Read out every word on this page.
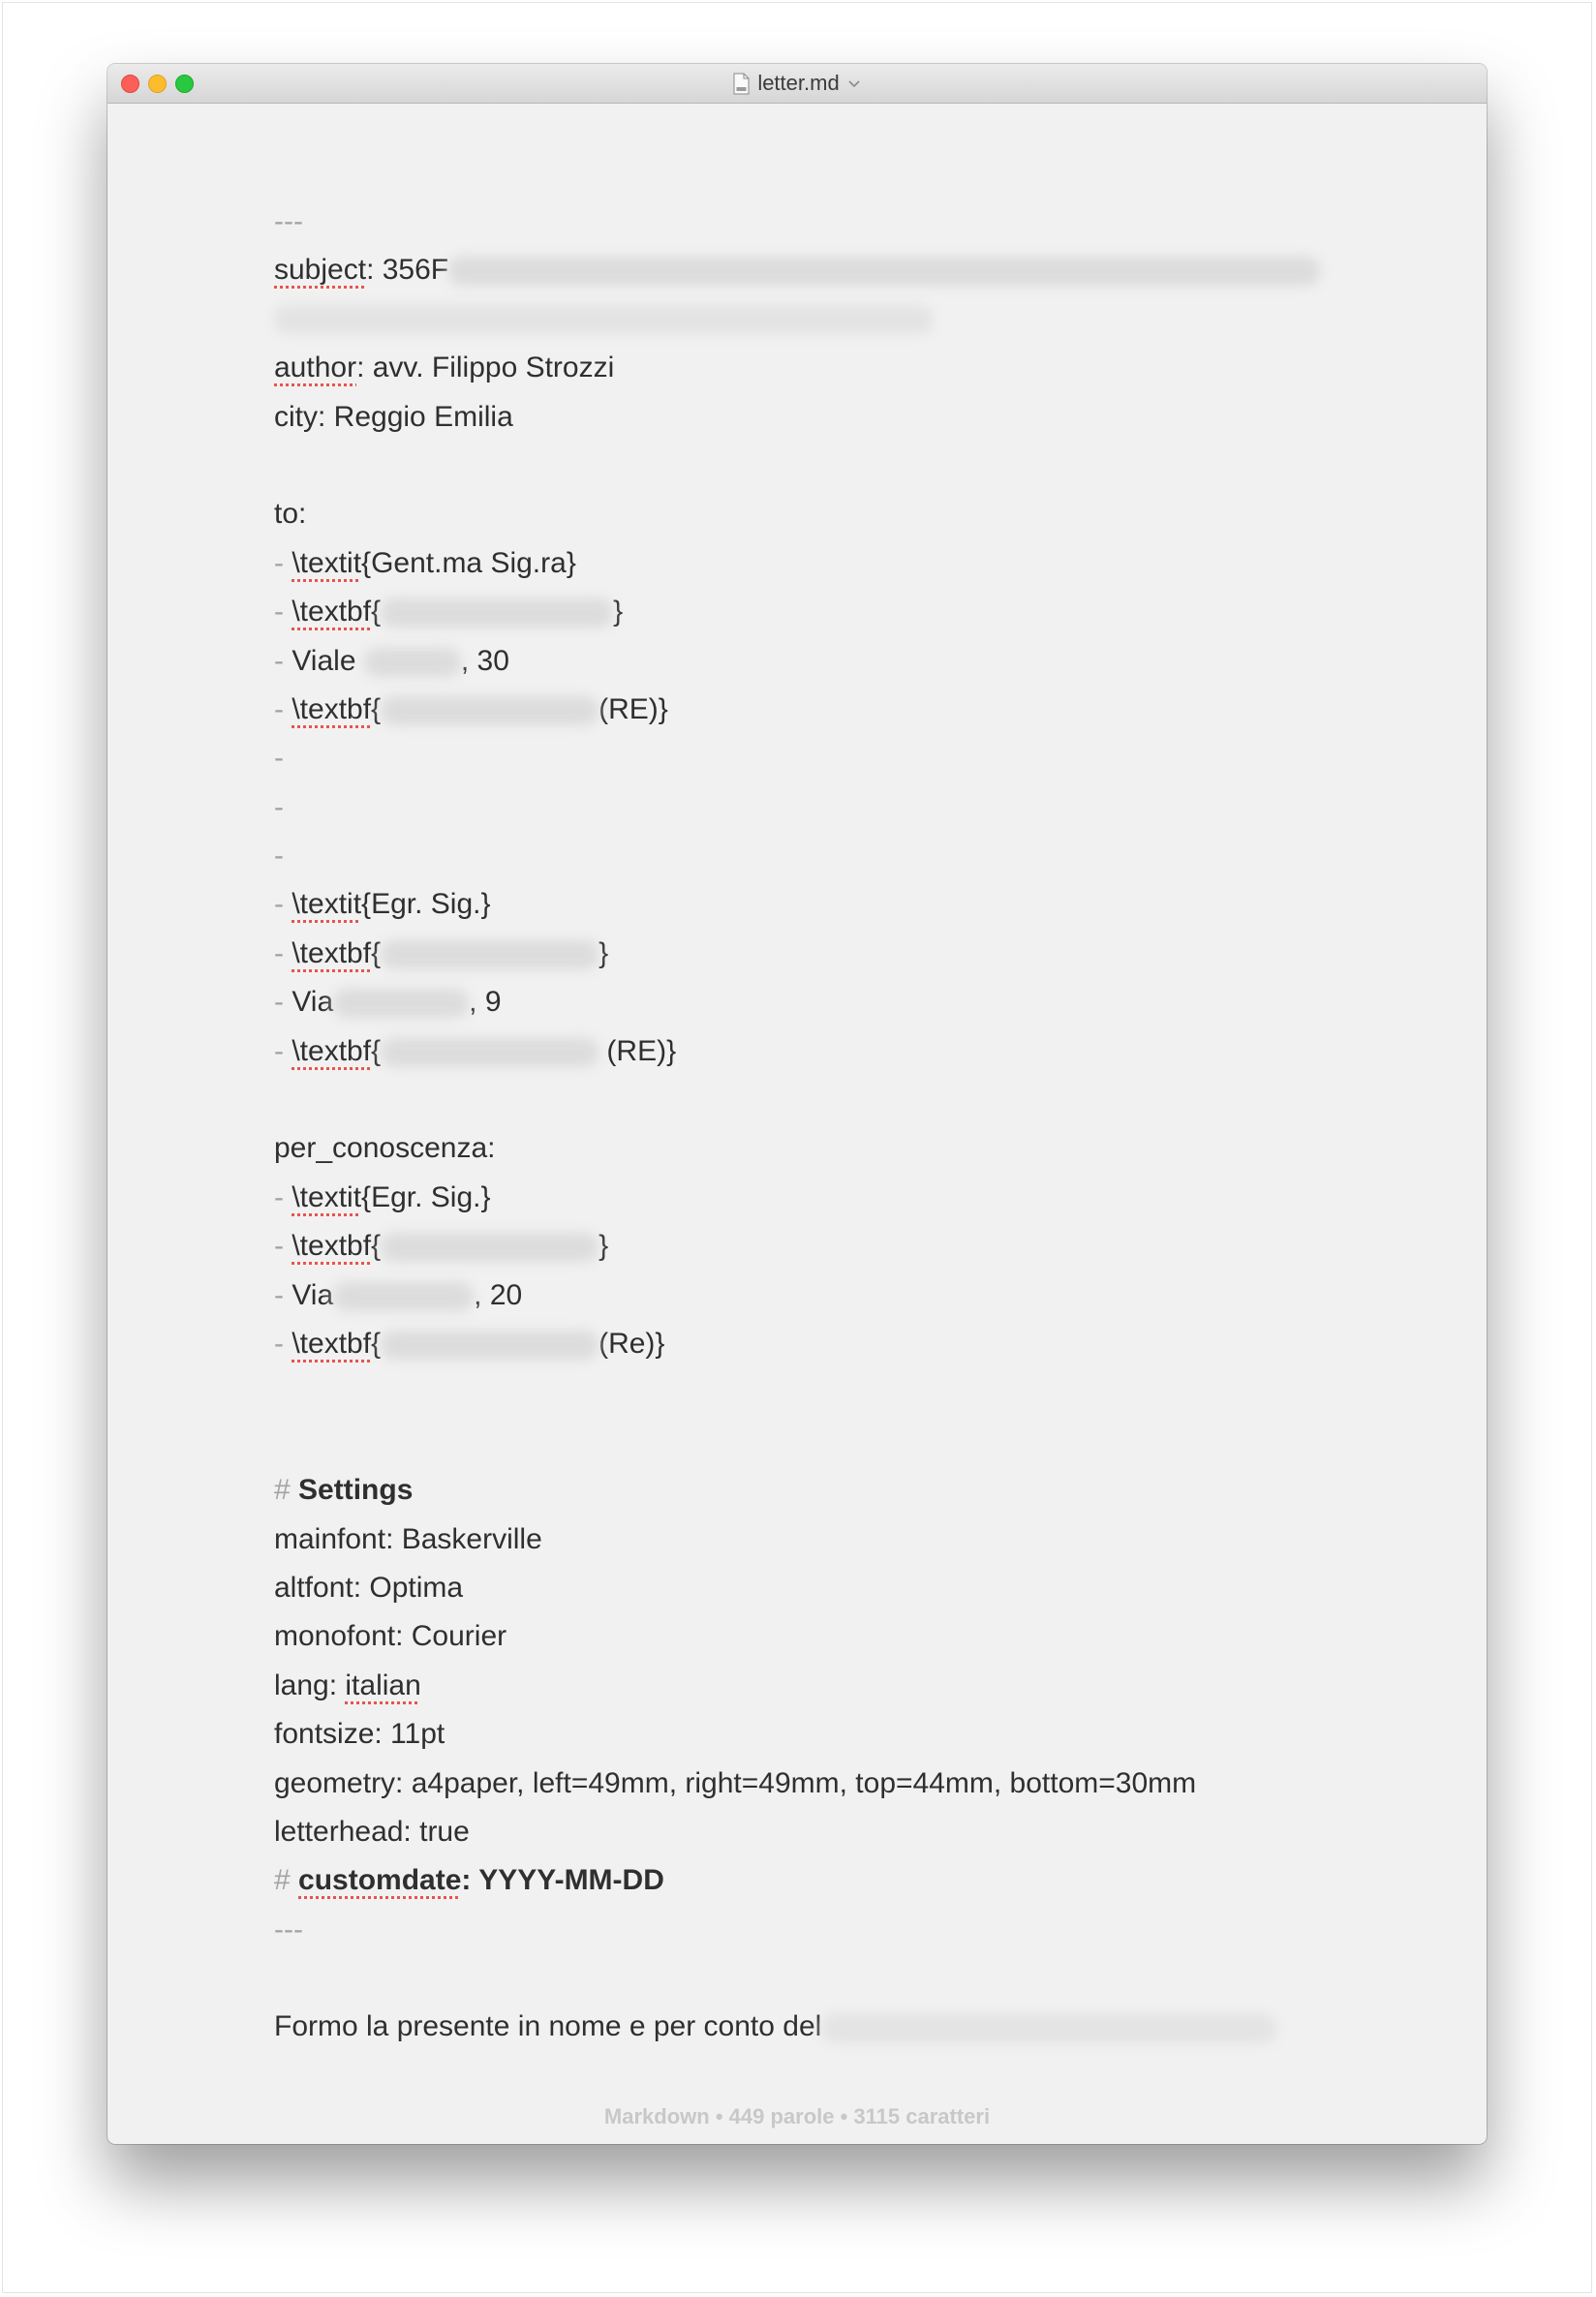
letter.md
---
subject: 356F
author: avv. Filippo Strozzi
city: Reggio Emilia
to:
- \textit{Gent.ma Sig.ra}
- \textbf{	}
- Viale	, 30
- \textbf{	(RE)}
-
-
-
- \textit{Egr. Sig.}
- \textbf{	}
- Via	, 9
- \textbf{	(RE)}
per_conoscenza:
- \textit{Egr. Sig.}
- \textbf{	}
- Via	, 20
- \textbf{	(Re)}
# Settings
mainfont: Baskerville
altfont: Optima
monofont: Courier
lang: italian
fontsize: 11pt
geometry: a4paper, left=49mm, right=49mm, top=44mm, bottom=30mm
letterhead: true
# customdate: YYYY-MM-DD
---
Formo la presente in nome e per conto del
Markdown • 449 parole • 3115 caratteri
